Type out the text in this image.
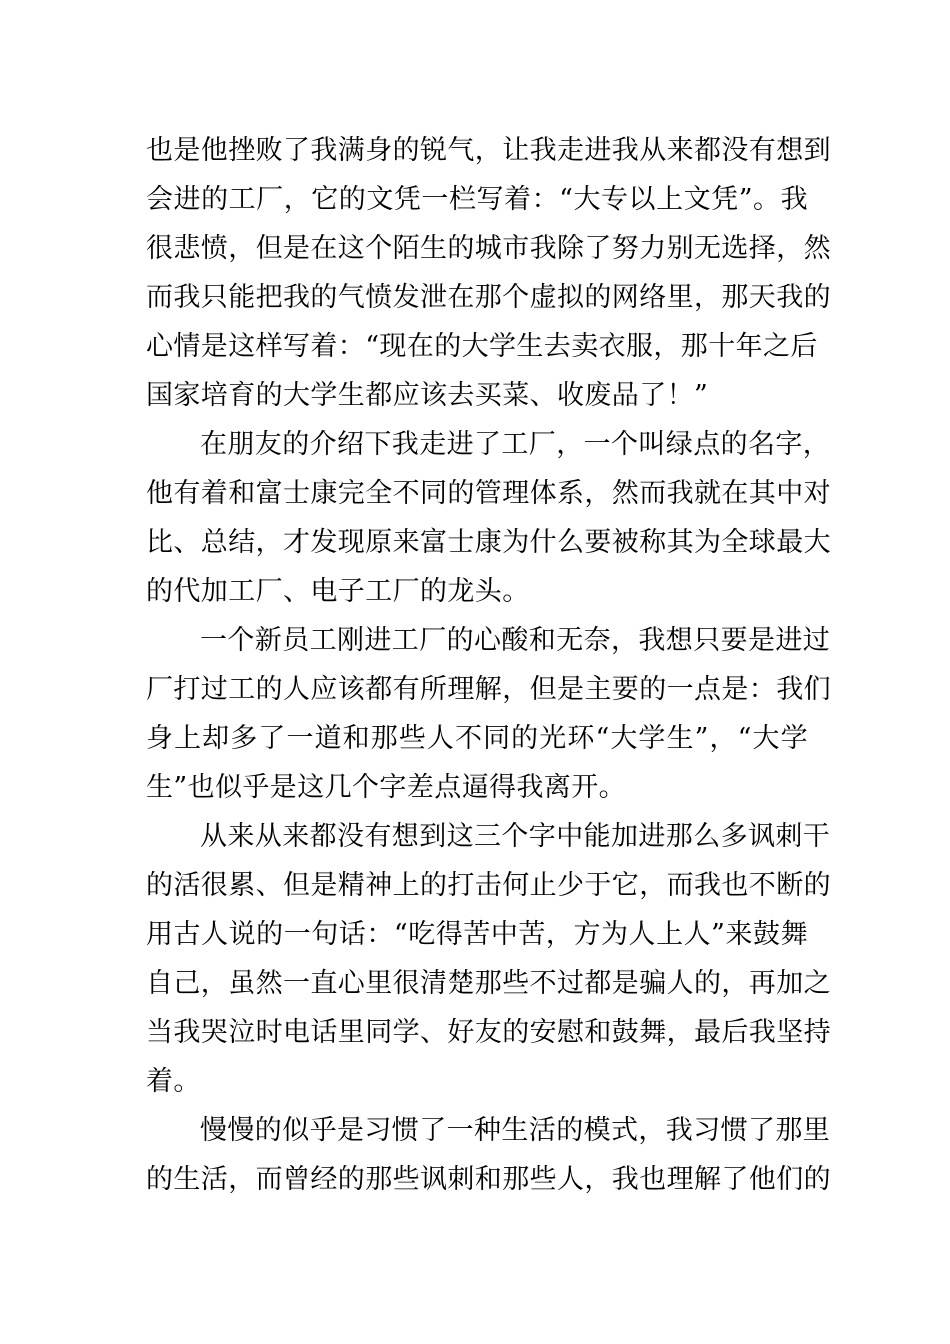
也是他挫败了我满身的锐气，让我走进我从来都没有想到
会进的工厂，它的文凭一栏写着：“大专以上文凭”。我
很悲愤，但是在这个陌生的城市我除了努力别无选择，然
而我只能把我的气愤发泄在那个虚拟的网络里，那天我的
心情是这样写着：“现在的大学生去卖衣服，那十年之后
国家培育的大学生都应该去买菜、收废品了！”
在朋友的介绍下我走进了工厂，一个叫绿点的名字，
他有着和富士康完全不同的管理体系，然而我就在其中对
比、总结，才发现原来富士康为什么要被称其为全球最大
的代加工厂、电子工厂的龙头。
一个新员工刚进工厂的心酸和无奈，我想只要是进过
厂打过工的人应该都有所理解，但是主要的一点是：我们
身上却多了一道和那些人不同的光环“大学生”，“大学
生”也似乎是这几个字差点逼得我离开。
从来从来都没有想到这三个字中能加进那么多讽刺干
的活很累、但是精神上的打击何止少于它，而我也不断的
用古人说的一句话：“吃得苦中苦，方为人上人”来鼓舞
自己，虽然一直心里很清楚那些不过都是骗人的，再加之
当我哭泣时电话里同学、好友的安慰和鼓舞，最后我坚持
着。
慢慢的似乎是习惯了一种生活的模式，我习惯了那里
的生活，而曾经的那些讽刺和那些人，我也理解了他们的
